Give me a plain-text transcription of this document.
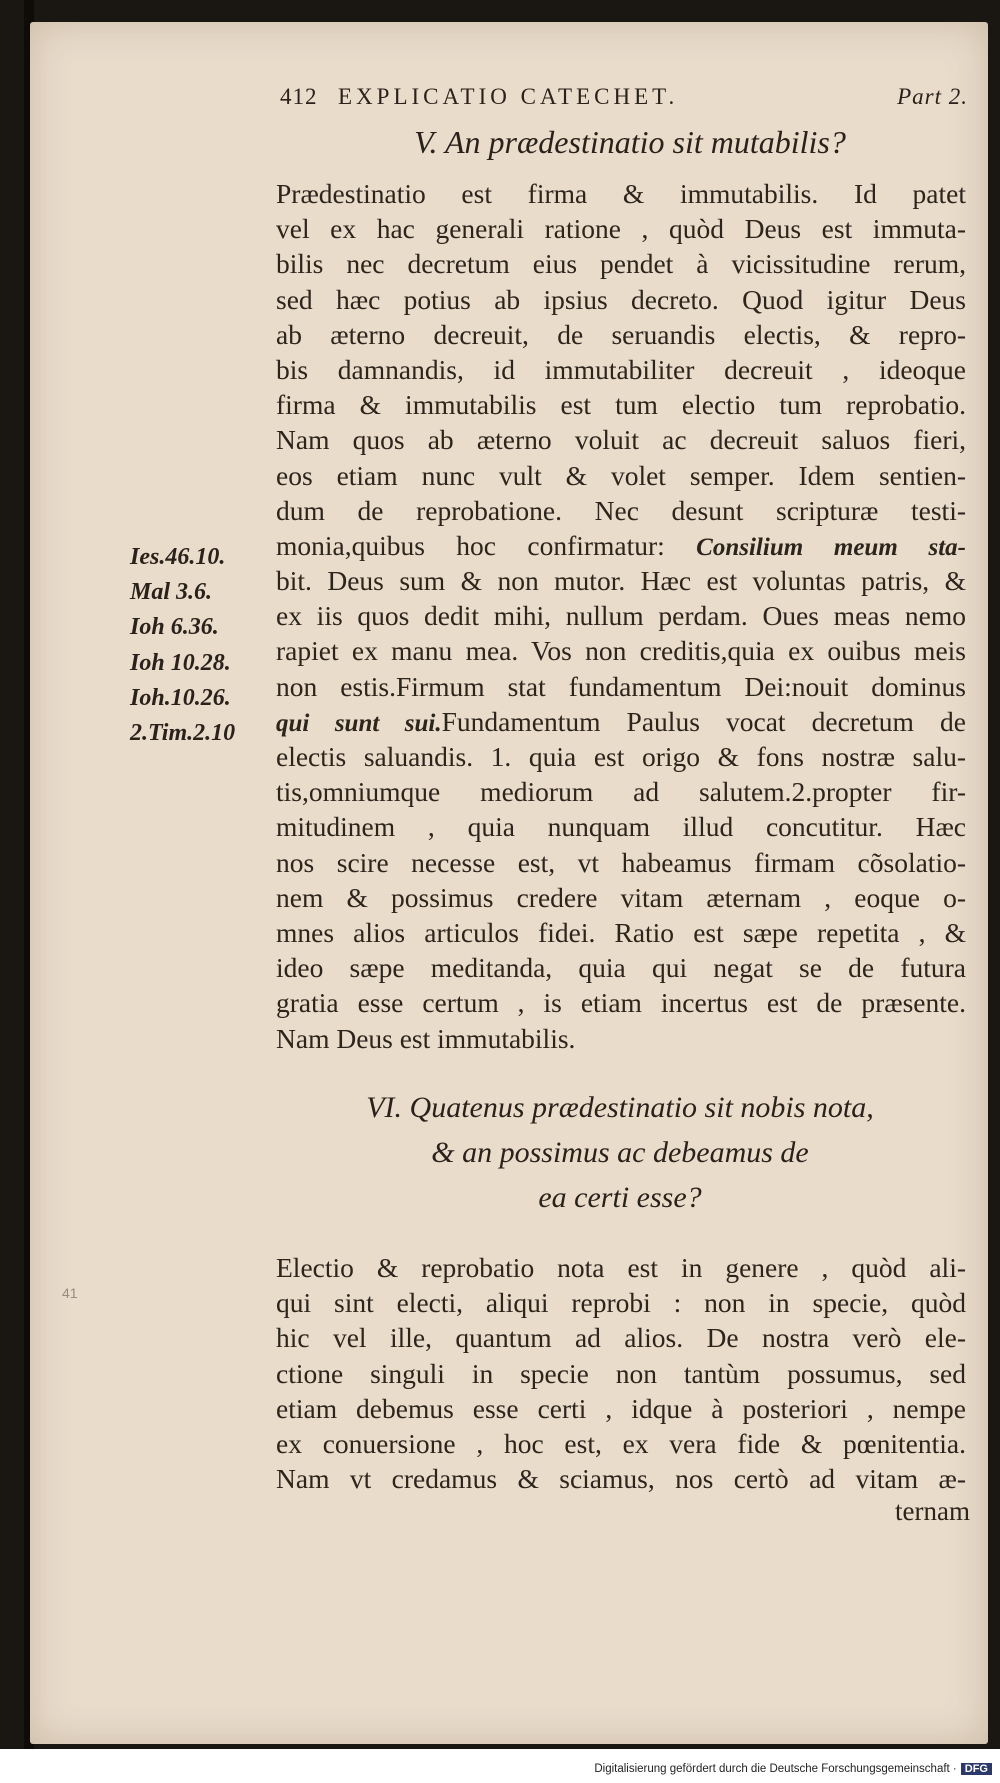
412 EXPLICATIO CATECHET.	Part 2.
V. An prædestinatio sit mutabilis?
Prædestinatio est firma & immutabilis. Id patet
vel ex hac generali ratione , quòd Deus est immuta-
bilis nec decretum eius pendet à vicissitudine rerum,
sed hæc potius ab ipsius decreto. Quod igitur Deus
ab æterno decreuit, de seruandis electis, & repro-
bis damnandis, id immutabiliter decreuit , ideoque
firma & immutabilis est tum electio tum reprobatio.
Nam quos ab æterno voluit ac decreuit saluos fieri,
eos etiam nunc vult & volet semper. Idem sentien-
dum de reprobatione. Nec desunt scripturæ testi-
monia,quibus hoc confirmatur: Consilium meum sta-
bit. Deus sum & non mutor. Hæc est voluntas patris, &
ex iis quos dedit mihi, nullum perdam. Oues meas nemo
rapiet ex manu mea. Vos non creditis,quia ex ouibus meis
non estis.Firmum stat fundamentum Dei:nouit dominus
qui sunt sui.Fundamentum Paulus vocat decretum de
electis saluandis. 1. quia est origo & fons nostræ salu-
tis,omniumque mediorum ad salutem.2.propter fir-
mitudinem , quia nunquam illud concutitur. Hæc
nos scire necesse est, vt habeamus firmam cõsolatio-
nem & possimus credere vitam æternam , eoque o-
mnes alios articulos fidei. Ratio est sæpe repetita , &
ideo sæpe meditanda, quia qui negat se de futura
gratia esse certum , is etiam incertus est de præsente.
Nam Deus est immutabilis.
Ies.46.10.
Mal 3.6.
Ioh 6.36.
Ioh 10.28.
Ioh.10.26.
2.Tim.2.10
VI. Quatenus prædestinatio sit nobis nota,
& an possimus ac debeamus de
ea certi esse?
41
Electio & reprobatio nota est in genere , quòd ali-
qui sint electi, aliqui reprobi : non in specie, quòd
hic vel ille, quantum ad alios. De nostra verò ele-
ctione singuli in specie non tantùm possumus, sed
etiam debemus esse certi , idque à posteriori , nempe
ex conuersione , hoc est, ex vera fide & pœnitentia.
Nam vt credamus & sciamus, nos certò ad vitam æ-
ternam
Digitalisierung gefördert durch die Deutsche Forschungsgemeinschaft · DFG
